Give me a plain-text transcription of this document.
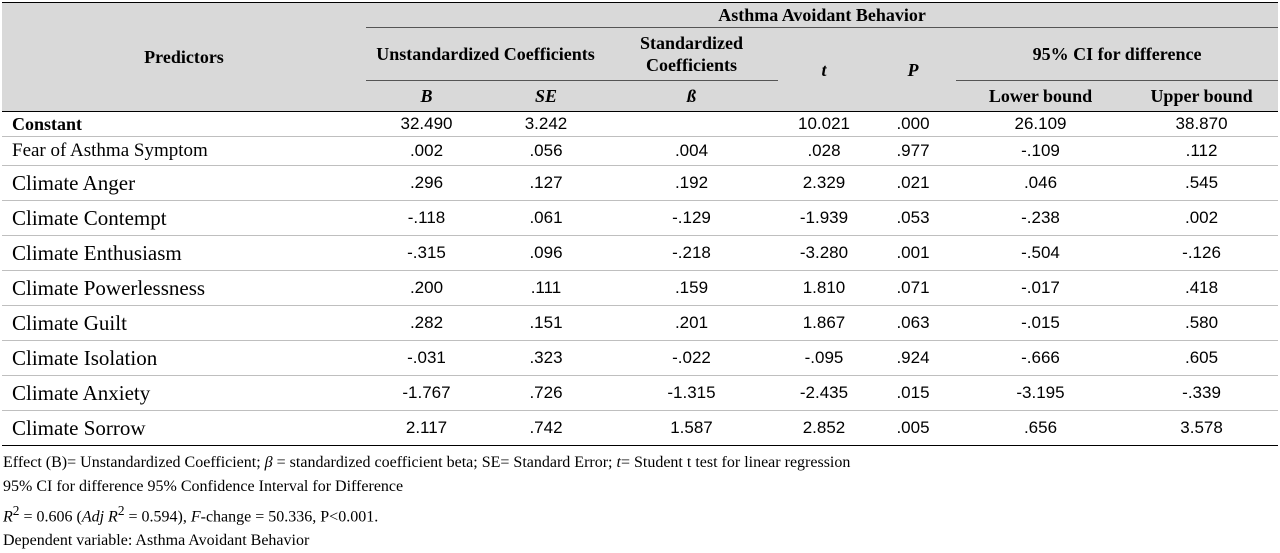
Predictors	Asthma Avoidant Behavior						
	Unstandardized Coefficients		Standardized Coefficients	t	P	95% CI for difference	
	B	SE	ß			Lower bound	Upper bound
Constant	32.490	3.242		10.021	.000	26.109	38.870
Fear of Asthma Symptom	.002	.056	.004	.028	.977	-.109	.112
Climate Anger	.296	.127	.192	2.329	.021	.046	.545
Climate Contempt	-.118	.061	-.129	-1.939	.053	-.238	.002
Climate Enthusiasm	-.315	.096	-.218	-3.280	.001	-.504	-.126
Climate Powerlessness	.200	.111	.159	1.810	.071	-.017	.418
Climate Guilt	.282	.151	.201	1.867	.063	-.015	.580
Climate Isolation	-.031	.323	-.022	-.095	.924	-.666	.605
Climate Anxiety	-1.767	.726	-1.315	-2.435	.015	-3.195	-.339
Climate Sorrow	2.117	.742	1.587	2.852	.005	.656	3.578
Effect (B)= Unstandardized Coefficient; β = standardized coefficient beta; SE= Standard Error; t= Student t test for linear regression
95% CI for difference 95% Confidence Interval for Difference
$R^2 = 0.606$ (Adj $R^2 = 0.594$), F-change = 50.336, P<0.001.
Dependent variable: Asthma Avoidant Behavior
